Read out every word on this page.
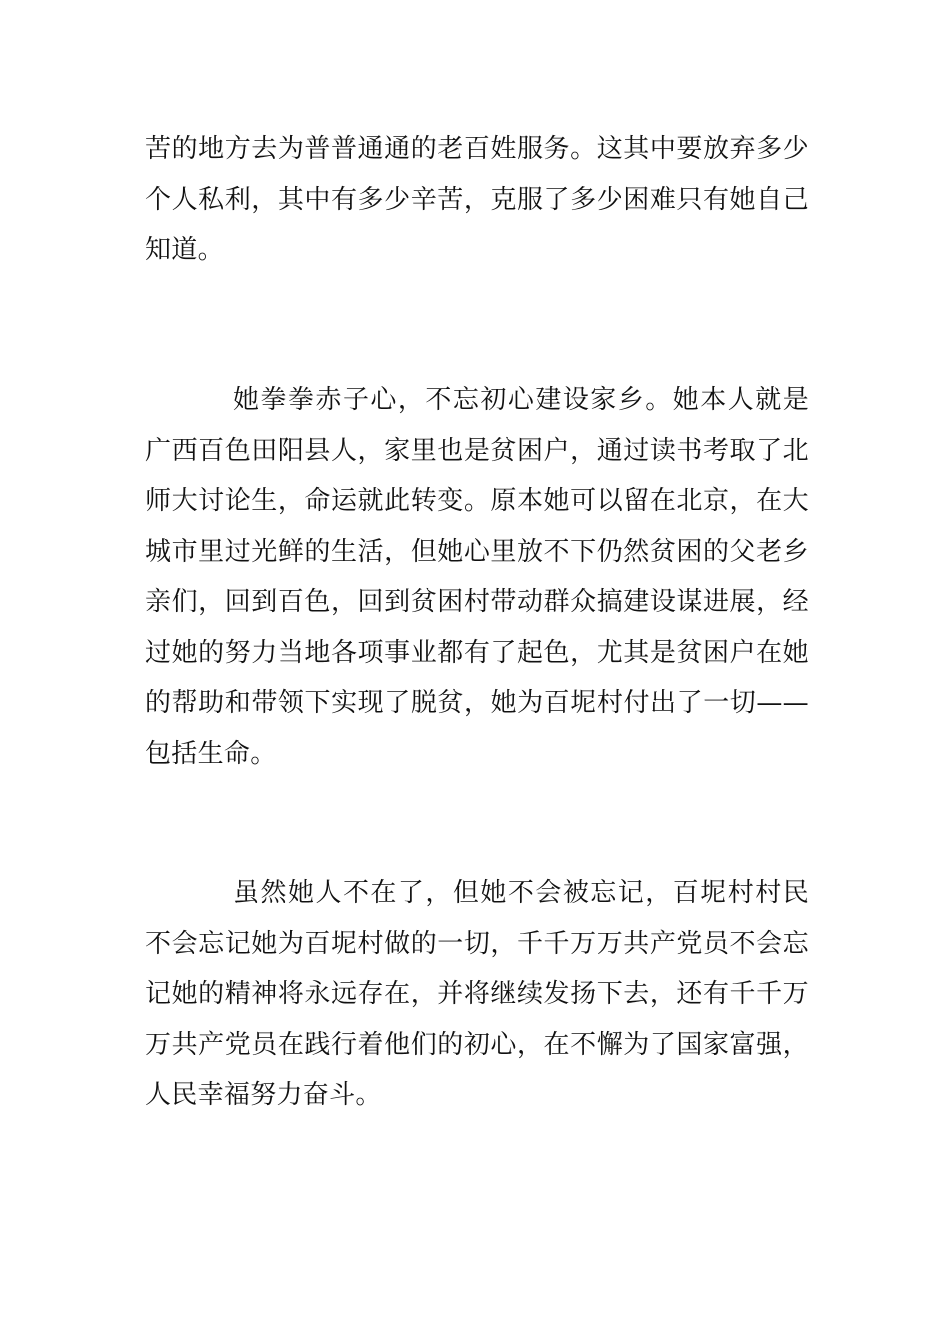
苦的地方去为普普通通的老百姓服务。这其中要放弃多少个人私利，其中有多少辛苦，克服了多少困难只有她自己知道。

她拳拳赤子心，不忘初心建设家乡。她本人就是广西百色田阳县人，家里也是贫困户，通过读书考取了北师大讨论生，命运就此转变。原本她可以留在北京，在大城市里过光鲜的生活，但她心里放不下仍然贫困的父老乡亲们，回到百色，回到贫困村带动群众搞建设谋进展，经过她的努力当地各项事业都有了起色，尤其是贫困户在她的帮助和带领下实现了脱贫，她为百坭村付出了一切——包括生命。

虽然她人不在了，但她不会被忘记，百坭村村民不会忘记她为百坭村做的一切，千千万万共产党员不会忘记她的精神将永远存在，并将继续发扬下去，还有千千万万共产党员在践行着他们的初心，在不懈为了国家富强，人民幸福努力奋斗。
